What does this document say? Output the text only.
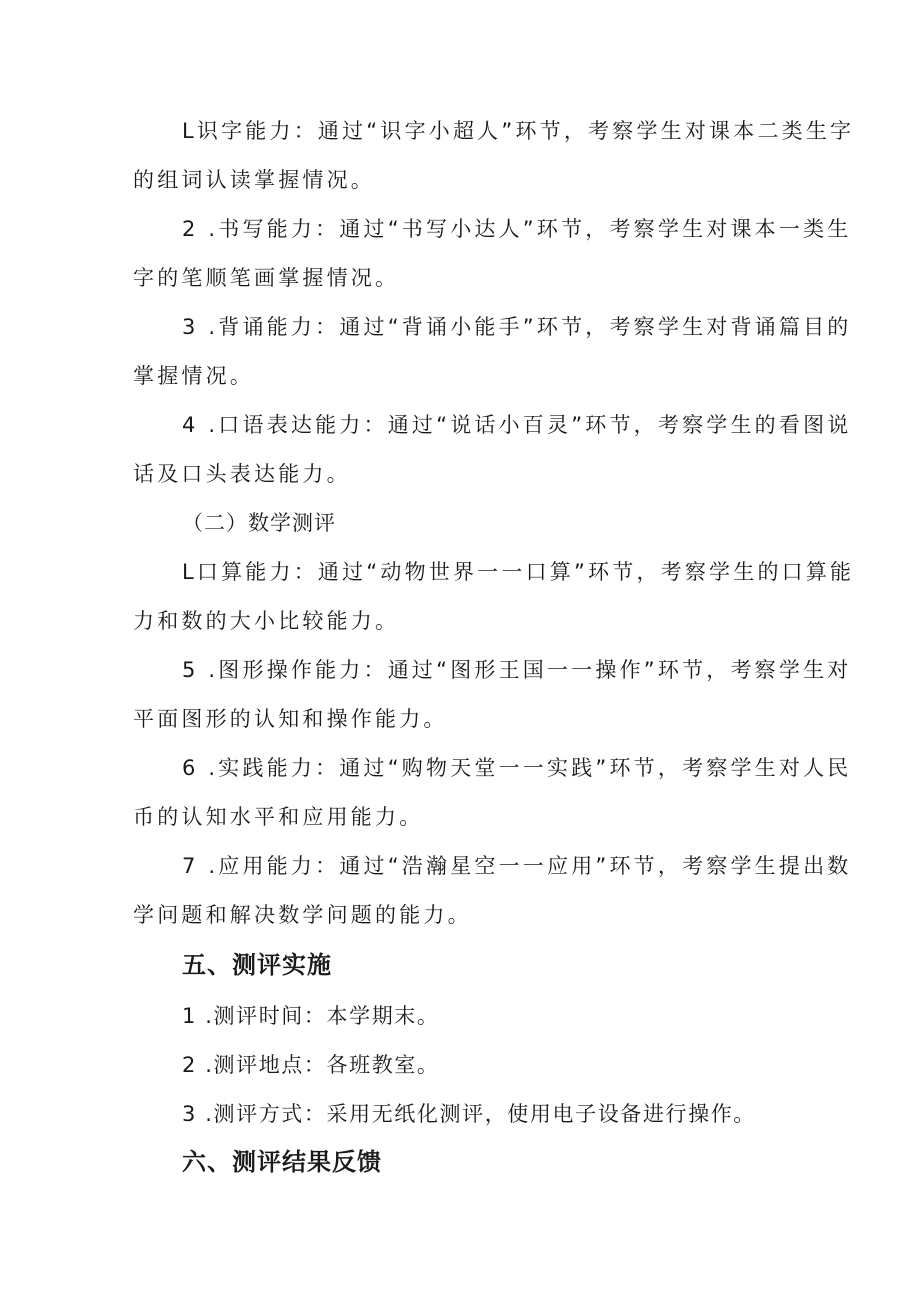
L识字能力：通过“识字小超人”环节，考察学生对课本二类生字
的组词认读掌握情况。
2 .书写能力：通过“书写小达人”环节，考察学生对课本一类生
字的笔顺笔画掌握情况。
3 .背诵能力：通过“背诵小能手”环节，考察学生对背诵篇目的
掌握情况。
4 .口语表达能力：通过“说话小百灵”环节，考察学生的看图说
话及口头表达能力。
（二）数学测评
L口算能力：通过“动物世界一一口算”环节，考察学生的口算能
力和数的大小比较能力。
5 .图形操作能力：通过“图形王国一一操作”环节，考察学生对
平面图形的认知和操作能力。
6 .实践能力：通过“购物天堂一一实践”环节，考察学生对人民
币的认知水平和应用能力。
7 .应用能力：通过“浩瀚星空一一应用”环节，考察学生提出数
学问题和解决数学问题的能力。
五、测评实施
1 .测评时间：本学期末。
2 .测评地点：各班教室。
3 .测评方式：采用无纸化测评，使用电子设备进行操作。
六、测评结果反馈
